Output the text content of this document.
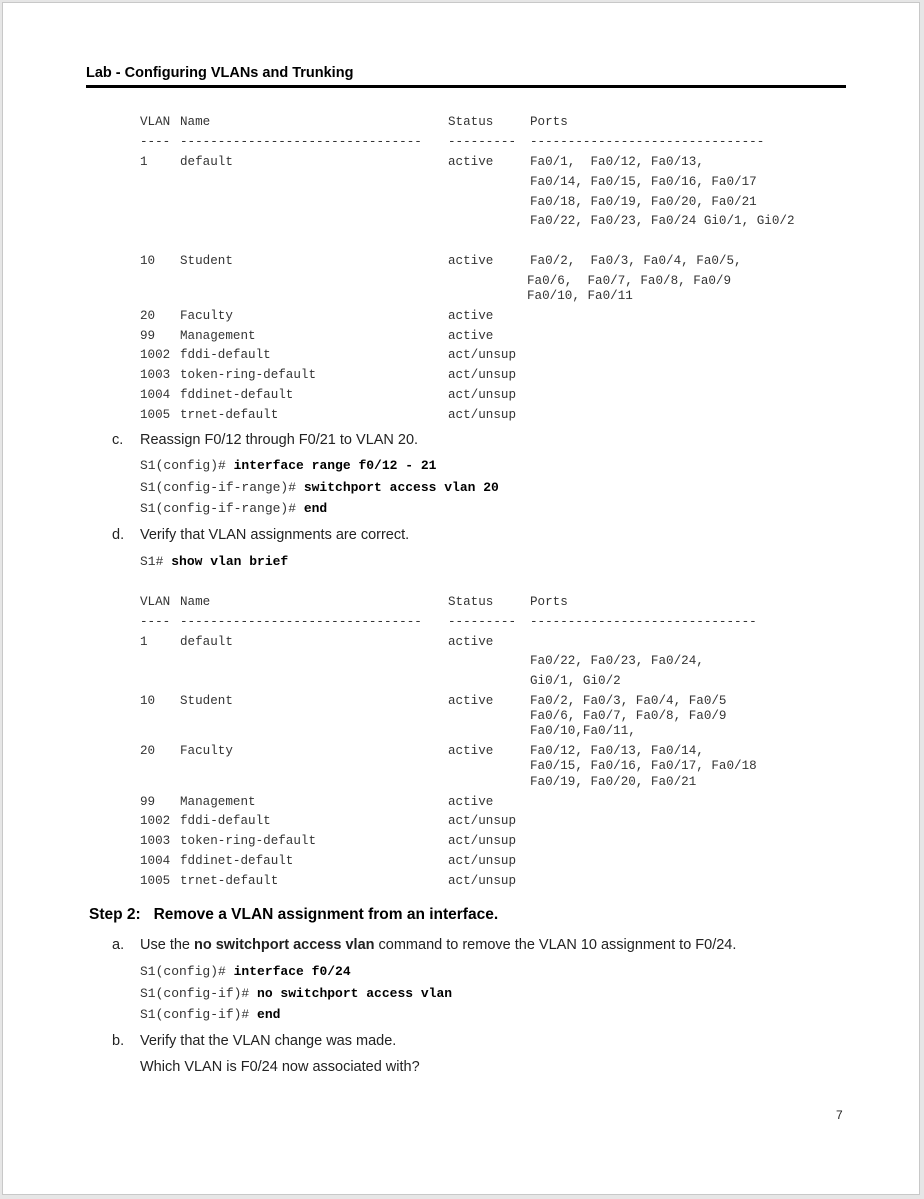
Lab - Configuring VLANs and Trunking
VLAN Name	Status	Ports
---- -------------------------------- --------- -------------------------------
1	default	active	Fa0/1,  Fa0/12, Fa0/13,
Fa0/14, Fa0/15, Fa0/16, Fa0/17
Fa0/18, Fa0/19, Fa0/20, Fa0/21
Fa0/22, Fa0/23, Fa0/24 Gi0/1, Gi0/2
10 Student	active	Fa0/2,  Fa0/3, Fa0/4, Fa0/5,
Fa0/6,  Fa0/7, Fa0/8, Fa0/9
Fa0/10, Fa0/11
20 Faculty	active
99 Management	active
1002 fddi-default	act/unsup
1003 token-ring-default	act/unsup
1004 fddinet-default	act/unsup
1005 trnet-default	act/unsup
c. Reassign F0/12 through F0/21 to VLAN 20.
S1(config)# interface range f0/12 - 21
S1(config-if-range)# switchport access vlan 20
S1(config-if-range)# end
d. Verify that VLAN assignments are correct.
S1# show vlan brief
VLAN Name	Status	Ports
---- -------------------------------- --------- ------------------------------
1	default	active
Fa0/22, Fa0/23, Fa0/24,
Gi0/1, Gi0/2
10 Student	active	Fa0/2, Fa0/3, Fa0/4, Fa0/5
Fa0/6, Fa0/7, Fa0/8, Fa0/9
Fa0/10,Fa0/11,
20 Faculty	active	Fa0/12, Fa0/13, Fa0/14,
Fa0/15, Fa0/16, Fa0/17, Fa0/18
Fa0/19, Fa0/20, Fa0/21
99 Management	active
1002 fddi-default	act/unsup
1003 token-ring-default	act/unsup
1004 fddinet-default	act/unsup
1005 trnet-default	act/unsup
Step 2:   Remove a VLAN assignment from an interface.
a. Use the no switchport access vlan command to remove the VLAN 10 assignment to F0/24.
S1(config)# interface f0/24
S1(config-if)# no switchport access vlan
S1(config-if)# end
b. Verify that the VLAN change was made.
Which VLAN is F0/24 now associated with?
7
